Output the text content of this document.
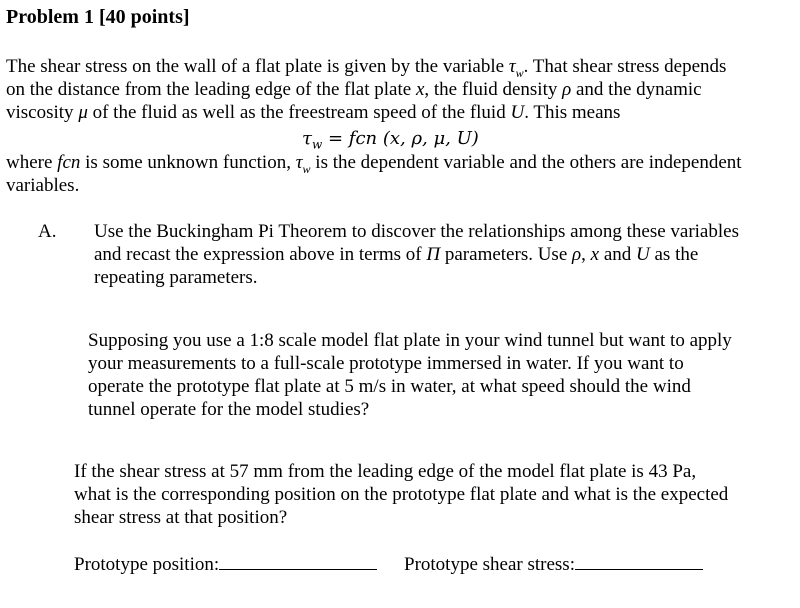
Problem 1 [40 points]
The shear stress on the wall of a flat plate is given by the variable $\tau_w$. That shear stress depends
on the distance from the leading edge of the flat plate x, the fluid density ρ and the dynamic
viscosity μ of the fluid as well as the freestream speed of the fluid U. This means
$\tau_w$ = fcn (x, ρ, μ, U)
where fcn is some unknown function, $\tau_w$ is the dependent variable and the others are independent
variables.
A. Use the Buckingham Pi Theorem to discover the relationships among these variables
and recast the expression above in terms of Π parameters. Use ρ, x and U as the
repeating parameters.
Supposing you use a 1:8 scale model flat plate in your wind tunnel but want to apply
your measurements to a full-scale prototype immersed in water. If you want to
operate the prototype flat plate at 5 m/s in water, at what speed should the wind
tunnel operate for the model studies?
If the shear stress at 57 mm from the leading edge of the model flat plate is 43 Pa,
what is the corresponding position on the prototype flat plate and what is the expected
shear stress at that position?
Prototype position:	Prototype shear stress:
